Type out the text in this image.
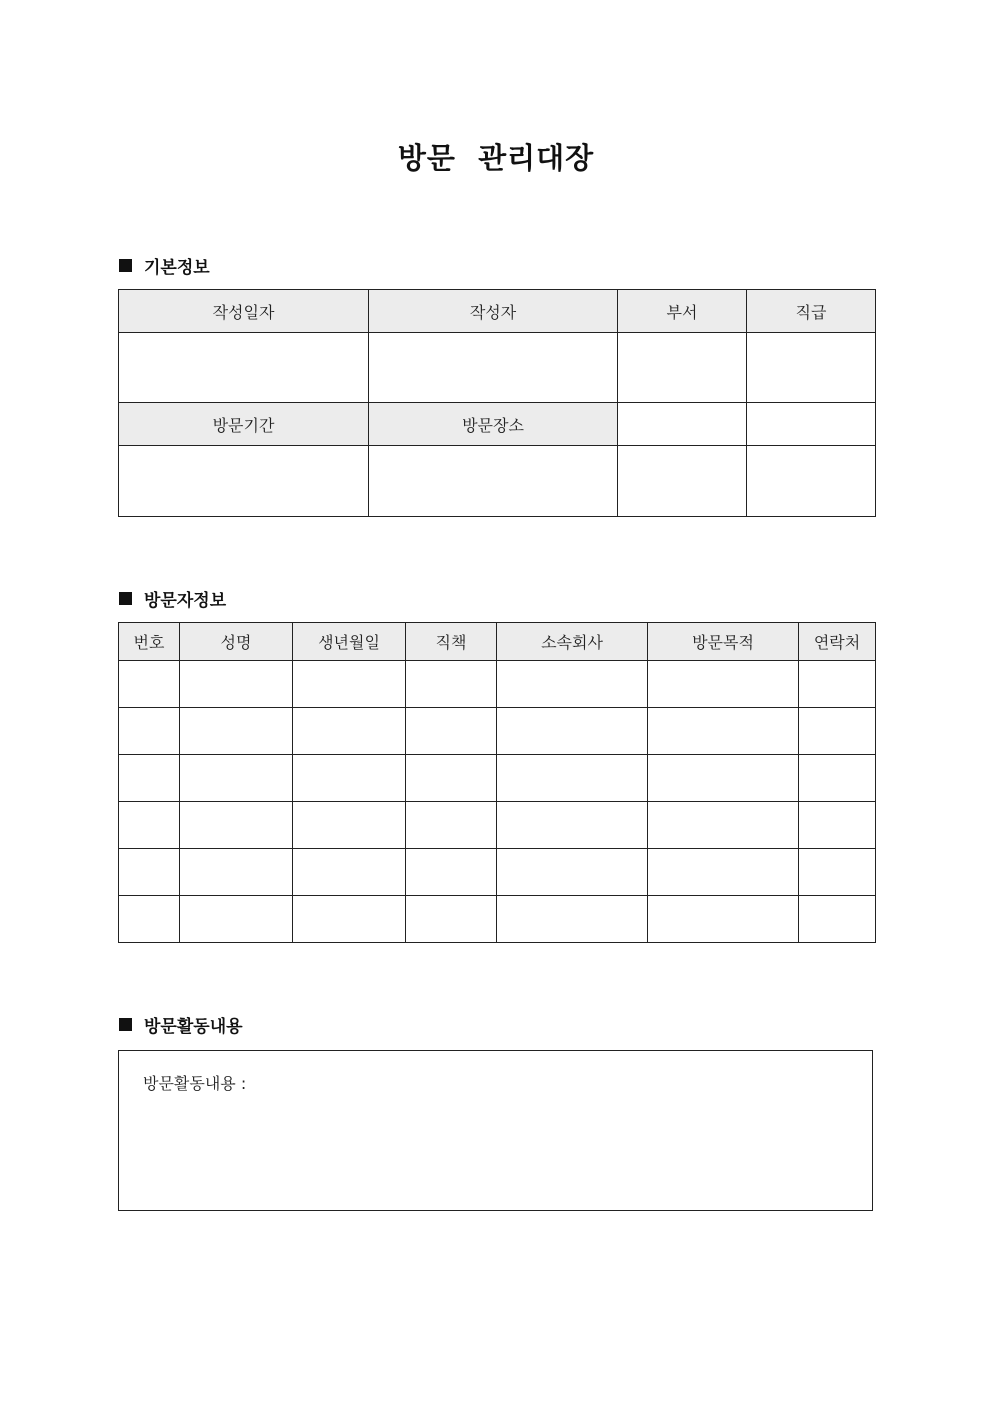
방문  관리대장
기본정보
작성일자	작성자	부서	직급

방문기간	방문장소		

방문자정보
번호	성명	생년월일	직책	소속회사	방문목적	연락처

방문활동내용
방문활동내용 :
